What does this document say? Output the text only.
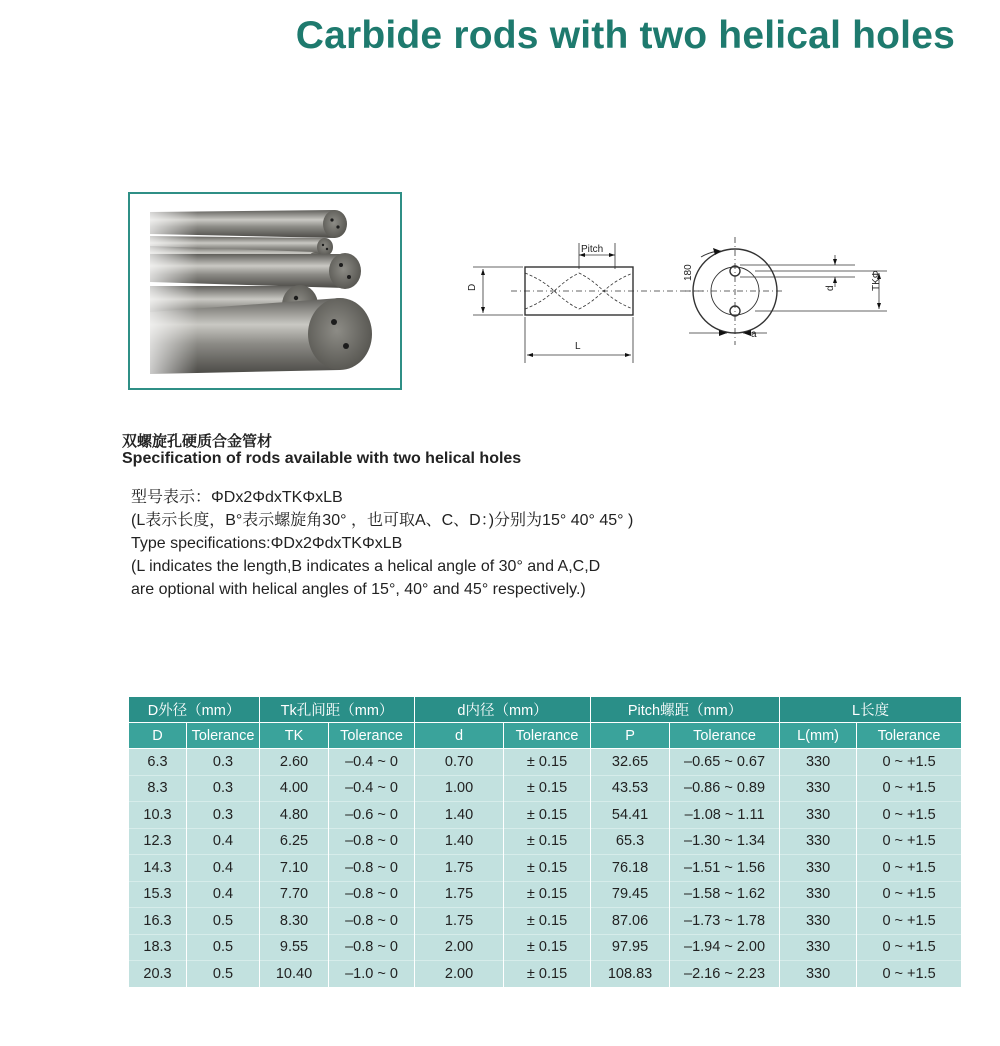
Carbide rods with two helical holes
Pitch
D
L
180
d	TKΦ
a
双螺旋孔硬质合金管材
Specification of rods available with two helical holes
型号表示：ΦDx2ΦdxTKΦxLB
(L表示长度，B°表示螺旋角30° ，也可取A、C、D：)分别为15° 40° 45° )
Type specifications:ΦDx2ΦdxTKΦxLB
(L indicates the length,B indicates a helical angle of 30° and A,C,D
are optional with helical angles of 15°, 40° and 45° respectively.)
D外径（mm）		Tk孔间距（mm）		d内径（mm）		Pitch螺距（mm）		L长度	
D	Tolerance	TK	Tolerance	d	Tolerance	P	Tolerance	L(mm)	Tolerance
6.3	0.3	2.60	–0.4 ~ 0	0.70	± 0.15	32.65	–0.65 ~ 0.67	330	0 ~ +1.5
8.3	0.3	4.00	–0.4 ~ 0	1.00	± 0.15	43.53	–0.86 ~ 0.89	330	0 ~ +1.5
10.3	0.3	4.80	–0.6 ~ 0	1.40	± 0.15	54.41	–1.08 ~ 1.11	330	0 ~ +1.5
12.3	0.4	6.25	–0.8 ~ 0	1.40	± 0.15	65.3	–1.30 ~ 1.34	330	0 ~ +1.5
14.3	0.4	7.10	–0.8 ~ 0	1.75	± 0.15	76.18	–1.51 ~ 1.56	330	0 ~ +1.5
15.3	0.4	7.70	–0.8 ~ 0	1.75	± 0.15	79.45	–1.58 ~ 1.62	330	0 ~ +1.5
16.3	0.5	8.30	–0.8 ~ 0	1.75	± 0.15	87.06	–1.73 ~ 1.78	330	0 ~ +1.5
18.3	0.5	9.55	–0.8 ~ 0	2.00	± 0.15	97.95	–1.94 ~ 2.00	330	0 ~ +1.5
20.3	0.5	10.40	–1.0 ~ 0	2.00	± 0.15	108.83	–2.16 ~ 2.23	330	0 ~ +1.5
